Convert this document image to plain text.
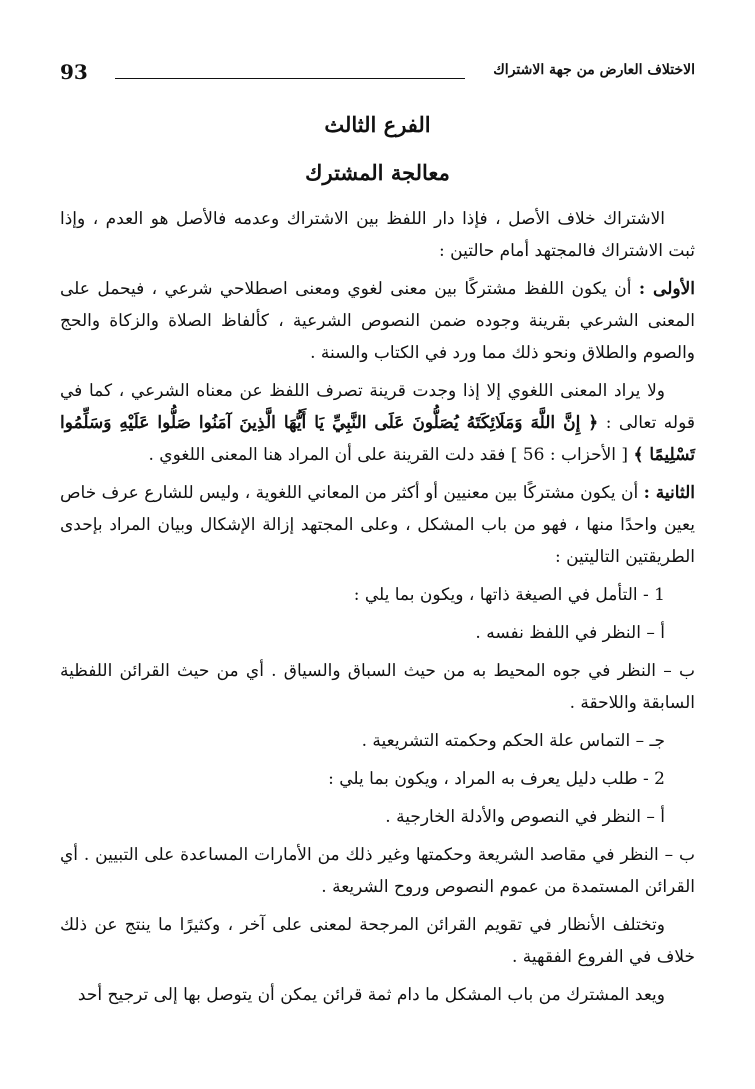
الاختلاف العارض من جهة الاشتراك
93
الفرع الثالث
معالجة المشترك

الاشتراك خلاف الأصل ، فإذا دار اللفظ بين الاشتراك وعدمه فالأصل هو العدم ، وإذا ثبت الاشتراك فالمجتهد أمام حالتين :

الأولى : أن يكون اللفظ مشتركًا بين معنى لغوي ومعنى اصطلاحي شرعي ، فيحمل على المعنى الشرعي بقرينة وجوده ضمن النصوص الشرعية ، كألفاظ الصلاة والزكاة والحج والصوم والطلاق ونحو ذلك مما ورد في الكتاب والسنة .

ولا يراد المعنى اللغوي إلا إذا وجدت قرينة تصرف اللفظ عن معناه الشرعي ، كما في قوله تعالى : ﴿ إِنَّ اللَّهَ وَمَلَائِكَتَهُ يُصَلُّونَ عَلَى النَّبِيِّ يَا أَيُّهَا الَّذِينَ آمَنُوا صَلُّوا عَلَيْهِ وَسَلِّمُوا تَسْلِيمًا ﴾ [ الأحزاب : 56 ] فقد دلت القرينة على أن المراد هنا المعنى اللغوي .

الثانية : أن يكون مشتركًا بين معنيين أو أكثر من المعاني اللغوية ، وليس للشارع عرف خاص يعين واحدًا منها ، فهو من باب المشكل ، وعلى المجتهد إزالة الإشكال وبيان المراد بإحدى الطريقتين التاليتين :

1 - التأمل في الصيغة ذاتها ، ويكون بما يلي :

أ – النظر في اللفظ نفسه .

ب – النظر في جوه المحيط به من حيث السباق والسياق . أي من حيث القرائن اللفظية السابقة واللاحقة .

جـ – التماس علة الحكم وحكمته التشريعية .

2 - طلب دليل يعرف به المراد ، ويكون بما يلي :

أ – النظر في النصوص والأدلة الخارجية .

ب – النظر في مقاصد الشريعة وحكمتها وغير ذلك من الأمارات المساعدة على التبيين . أي القرائن المستمدة من عموم النصوص وروح الشريعة .

وتختلف الأنظار في تقويم القرائن المرجحة لمعنى على آخر ، وكثيرًا ما ينتج عن ذلك خلاف في الفروع الفقهية .

ويعد المشترك من باب المشكل ما دام ثمة قرائن يمكن أن يتوصل بها إلى ترجيح أحد
